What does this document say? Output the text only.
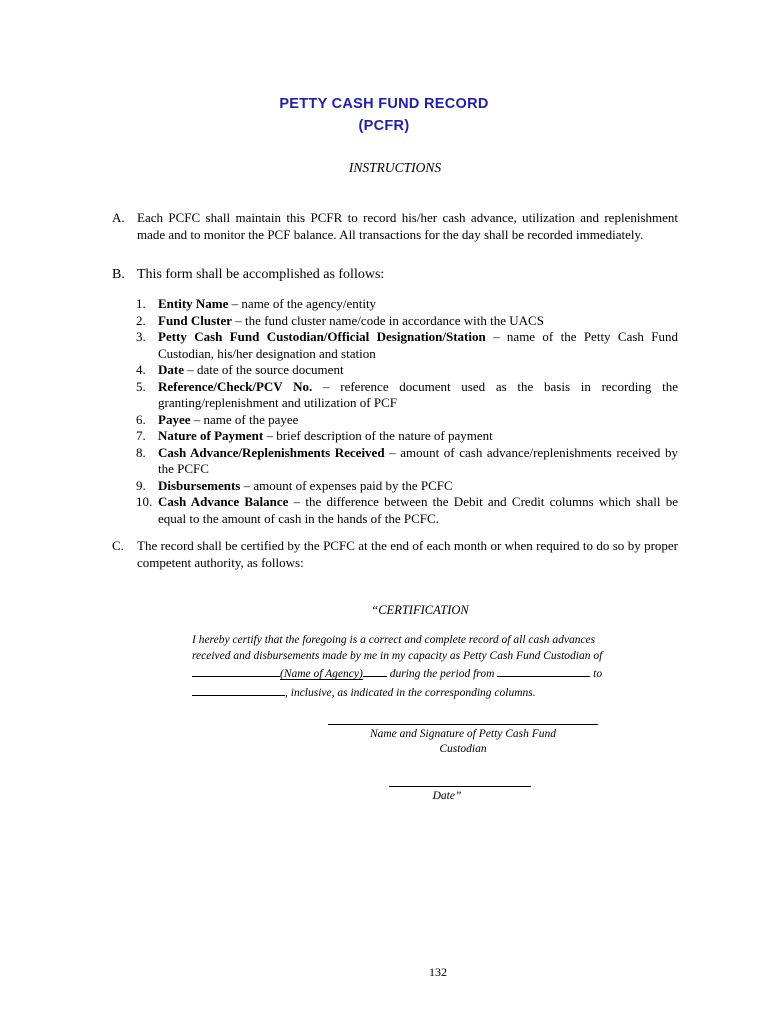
PETTY CASH FUND RECORD
(PCFR)
INSTRUCTIONS
A. Each PCFC shall maintain this PCFR to record his/her cash advance, utilization and replenishment made and to monitor the PCF balance. All transactions for the day shall be recorded immediately.
B. This form shall be accomplished as follows:
1. Entity Name – name of the agency/entity
2. Fund Cluster – the fund cluster name/code in accordance with the UACS
3. Petty Cash Fund Custodian/Official Designation/Station – name of the Petty Cash Fund Custodian, his/her designation and station
4. Date – date of the source document
5. Reference/Check/PCV No. – reference document used as the basis in recording the granting/replenishment and utilization of PCF
6. Payee – name of the payee
7. Nature of Payment – brief description of the nature of payment
8. Cash Advance/Replenishments Received – amount of cash advance/replenishments received by the PCFC
9. Disbursements – amount of expenses paid by the PCFC
10. Cash Advance Balance – the difference between the Debit and Credit columns which shall be equal to the amount of cash in the hands of the PCFC.
C. The record shall be certified by the PCFC at the end of each month or when required to do so by proper competent authority, as follows:
“CERTIFICATION
I hereby certify that the foregoing is a correct and complete record of all cash advances
received and disbursements made by me in my capacity as Petty Cash Fund Custodian of
(Name of Agency) during the period from	to
, inclusive, as indicated in the corresponding columns.
Name and Signature of Petty Cash Fund
Custodian
Date”
132
